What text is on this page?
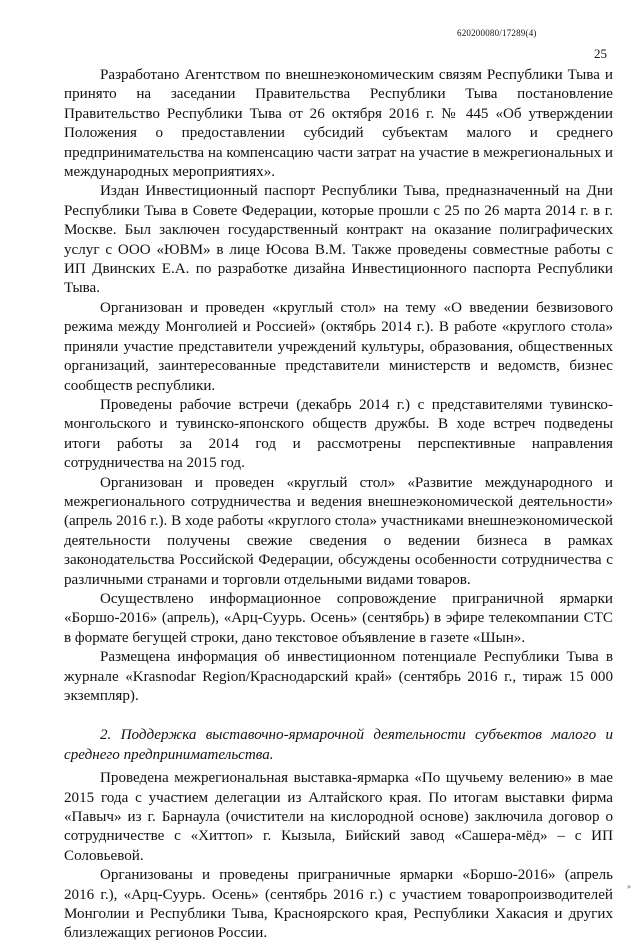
620200080/17289(4)
25

Разработано Агентством по внешнеэкономическим связям Республики Тыва и принято на заседании Правительства Республики Тыва постановление Правительство Республики Тыва от 26 октября 2016 г. № 445 «Об утверждении Положения о предоставлении субсидий субъектам малого и среднего предпринимательства на компенсацию части затрат на участие в межрегиональных и международных мероприятиях».

Издан Инвестиционный паспорт Республики Тыва, предназначенный на Дни Республики Тыва в Совете Федерации, которые прошли с 25 по 26 марта 2014 г. в г. Москве. Был заключен государственный контракт на оказание полиграфических услуг с ООО «ЮВМ» в лице Юсова В.М. Также проведены совместные работы с ИП Двинских Е.А. по разработке дизайна Инвестиционного паспорта Республики Тыва.

Организован и проведен «круглый стол» на тему «О введении безвизового режима между Монголией и Россией» (октябрь 2014 г.). В работе «круглого стола» приняли участие представители учреждений культуры, образования, общественных организаций, заинтересованные представители министерств и ведомств, бизнес сообществ республики.

Проведены рабочие встречи (декабрь 2014 г.) с представителями тувинско-монгольского и тувинско-японского обществ дружбы. В ходе встреч подведены итоги работы за 2014 год и рассмотрены перспективные направления сотрудничества на 2015 год.

Организован и проведен «круглый стол» «Развитие международного и межрегионального сотрудничества и ведения внешнеэкономической деятельности» (апрель 2016 г.). В ходе работы «круглого стола» участниками внешнеэкономической деятельности получены свежие сведения о ведении бизнеса в рамках законодательства Российской Федерации, обсуждены особенности сотрудничества с различными странами и торговли отдельными видами товаров.

Осуществлено информационное сопровождение приграничной ярмарки «Боршо-2016» (апрель), «Арц-Суурь. Осень» (сентябрь) в эфире телекомпании СТС в формате бегущей строки, дано текстовое объявление в газете «Шын».

Размещена информация об инвестиционном потенциале Республики Тыва в журнале «Krasnodar Region/Краснодарский край» (сентябрь 2016 г., тираж 15 000 экземпляр).

2. Поддержка выставочно-ярмарочной деятельности субъектов малого и среднего предпринимательства.

Проведена межрегиональная выставка-ярмарка «По щучьему велению» в мае 2015 года с участием делегации из Алтайского края. По итогам выставки фирма «Павыч» из г. Барнаула (очистители на кислородной основе) заключила договор о сотрудничестве с «Хиттоп» г. Кызыла, Бийский завод «Сашера-мёд» – с ИП Соловьевой.

Организованы и проведены приграничные ярмарки «Боршо-2016» (апрель 2016 г.), «Арц-Суурь. Осень» (сентябрь 2016 г.) с участием товаропроизводителей Монголии и Республики Тыва, Красноярского края, Республики Хакасия и других близлежащих регионов России.

»
